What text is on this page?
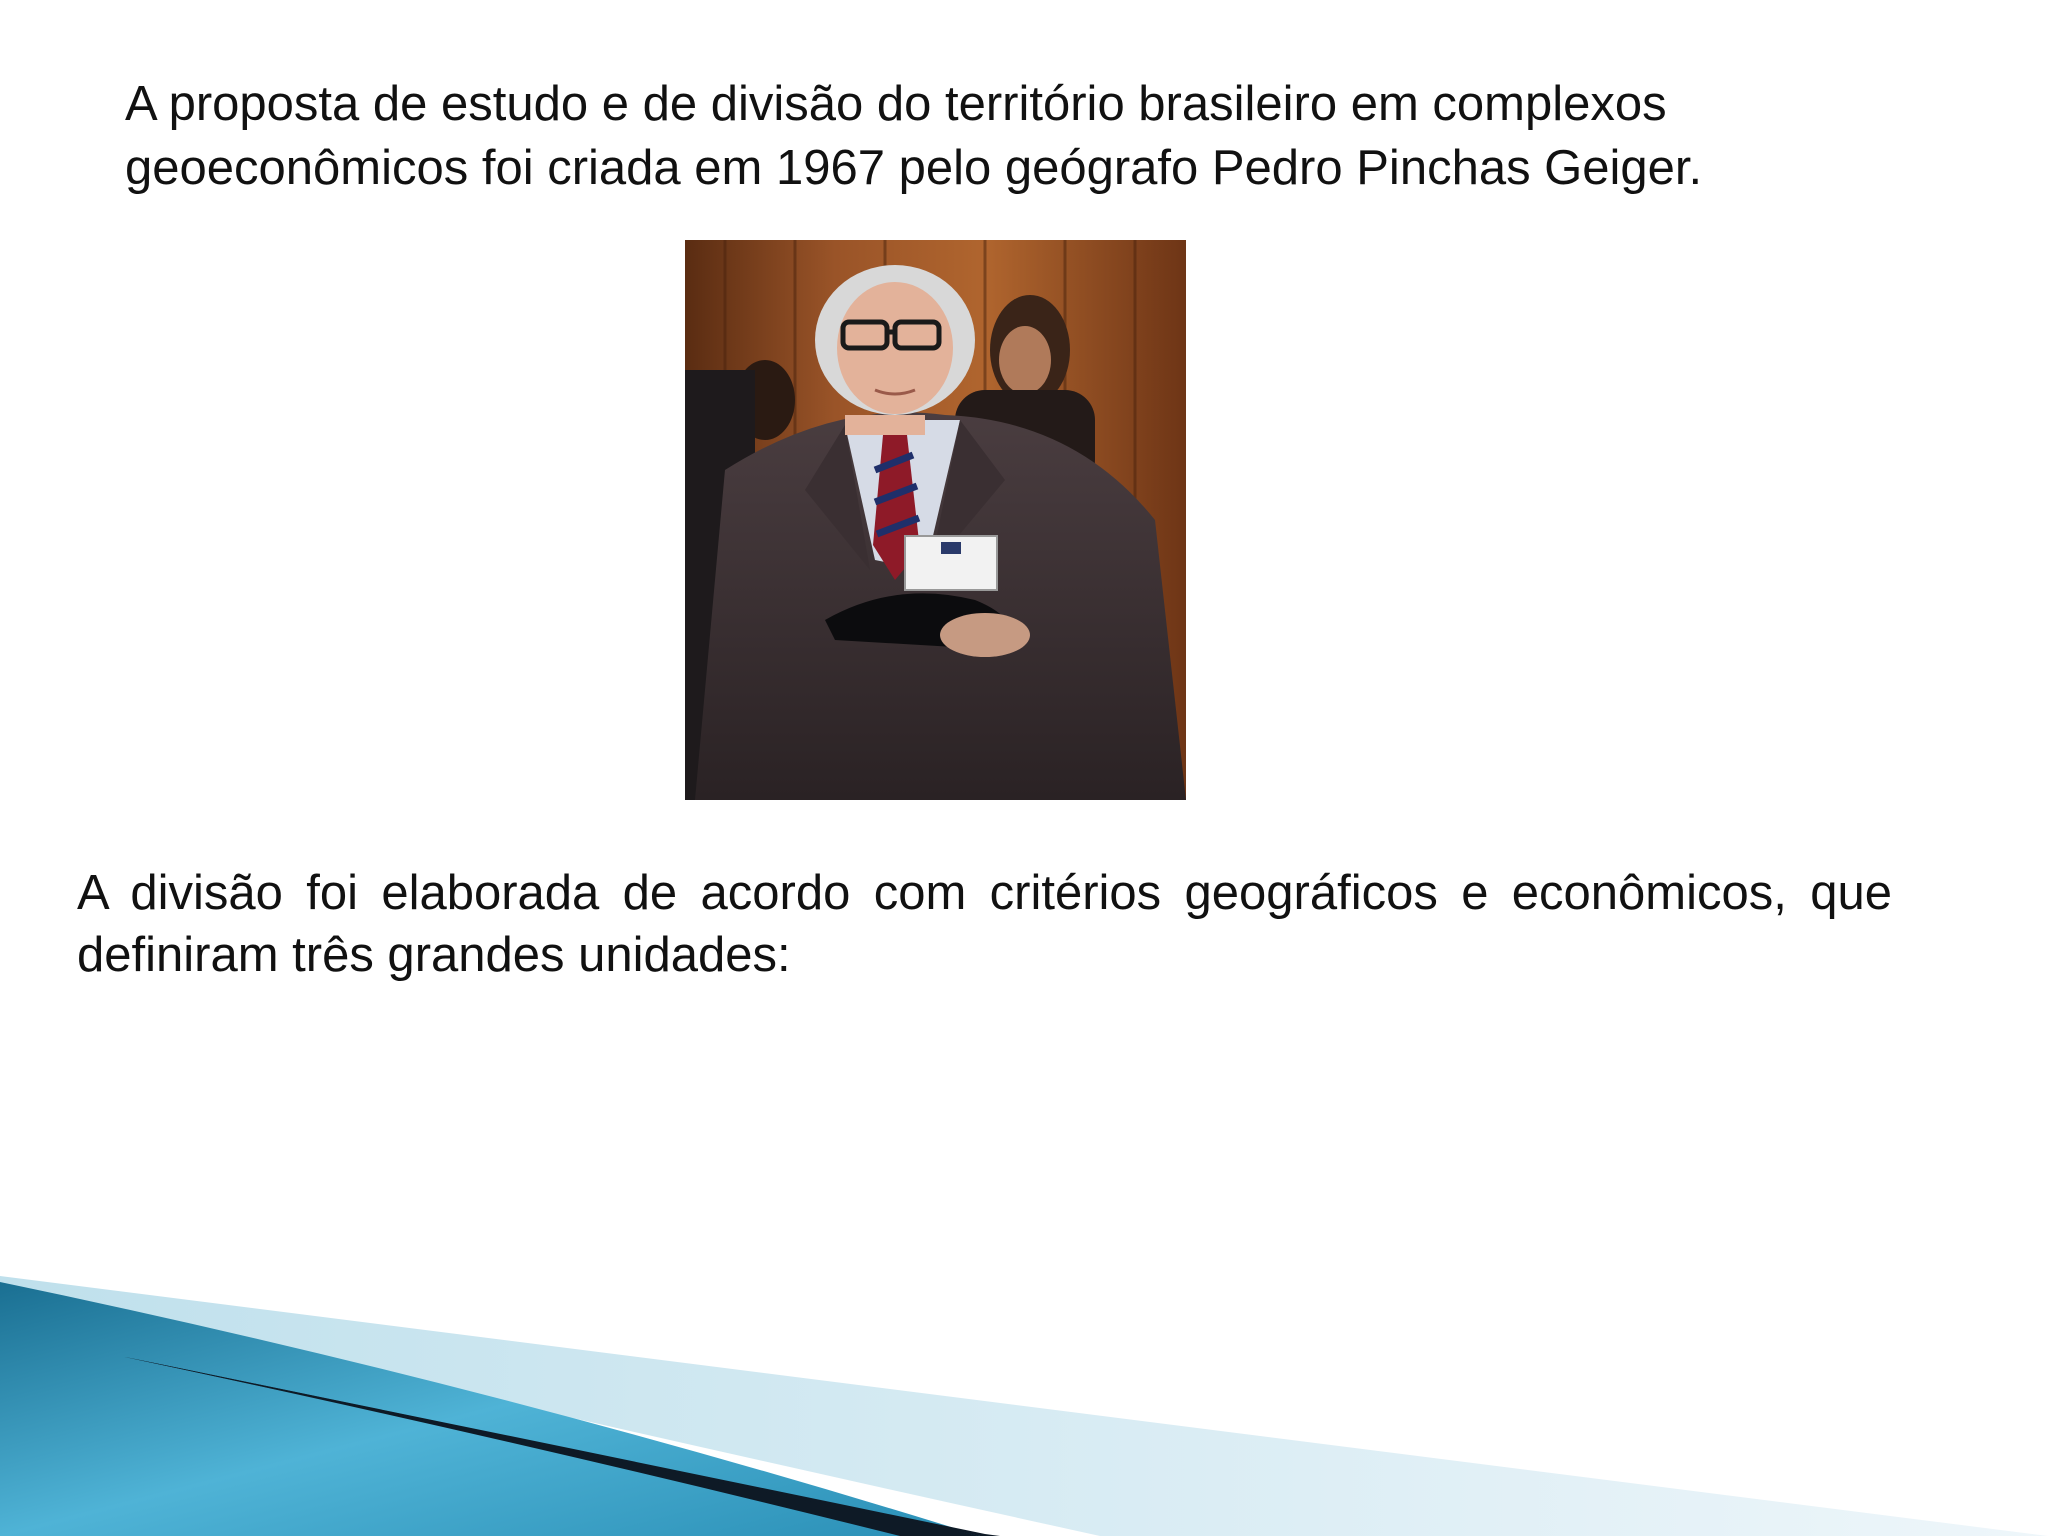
A proposta de estudo e de divisão do território brasileiro em complexos geoeconômicos foi criada em 1967 pelo geógrafo Pedro Pinchas Geiger.

A divisão foi elaborada de acordo com critérios geográficos e econômicos, que definiram três grandes unidades:
